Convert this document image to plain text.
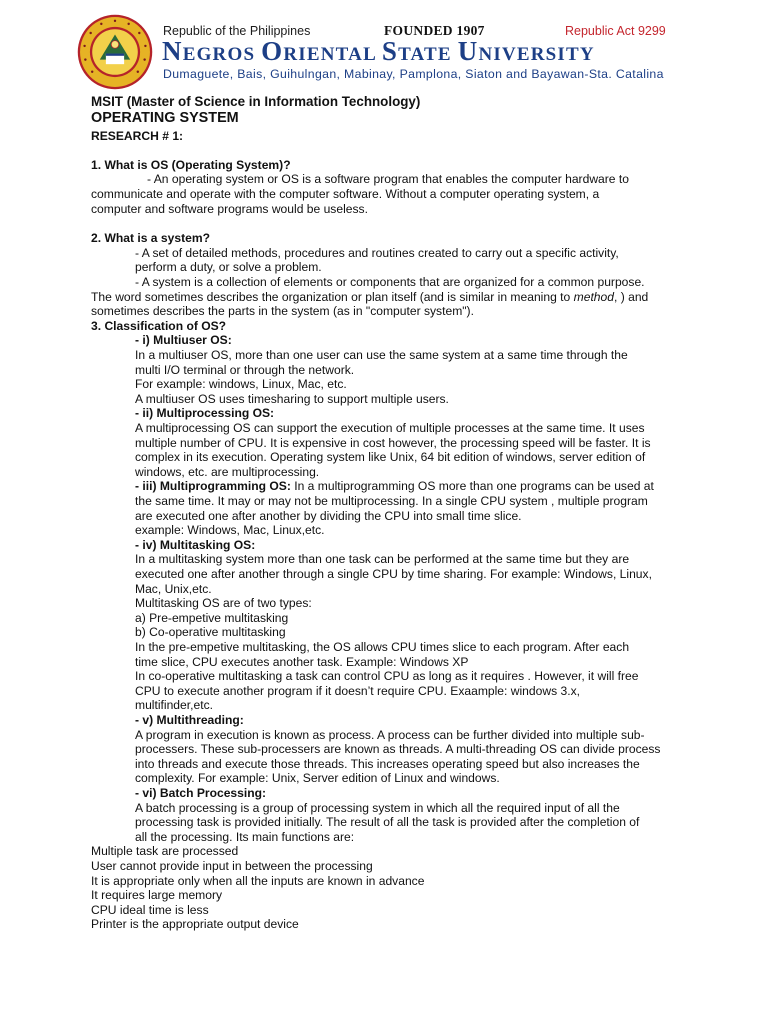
Republic of the Philippines	FOUNDED 1907	Republic Act 9299
NEGROS ORIENTAL STATE UNIVERSITY
Dumaguete, Bais, Guihulngan, Mabinay, Pamplona, Siaton and Bayawan-Sta. Catalina
MSIT (Master of Science in Information Technology)
OPERATING SYSTEM
RESEARCH # 1:
1. What is OS (Operating System)?
- An operating system or OS is a software program that enables the computer hardware to
communicate and operate with the computer software. Without a computer operating system, a
computer and software programs would be useless.
2. What is a system?
- A set of detailed methods, procedures and routines created to carry out a specific activity,
perform a duty, or solve a problem.
- A system is a collection of elements or components that are organized for a common purpose.
The word sometimes describes the organization or plan itself (and is similar in meaning to method, ) and
sometimes describes the parts in the system (as in "computer system").
3. Classification of OS?
- i) Multiuser OS:
In a multiuser OS, more than one user can use the same system at a same time through the
multi I/O terminal or through the network.
For example: windows, Linux, Mac, etc.
A multiuser OS uses timesharing to support multiple users.
- ii) Multiprocessing OS:
A multiprocessing OS can support the execution of multiple processes at the same time. It uses
multiple number of CPU. It is expensive in cost however, the processing speed will be faster. It is
complex in its execution. Operating system like Unix, 64 bit edition of windows, server edition of
windows, etc. are multiprocessing.
- iii) Multiprogramming OS: In a multiprogramming OS more than one programs can be used at
the same time. It may or may not be multiprocessing. In a single CPU system , multiple program
are executed one after another by dividing the CPU into small time slice.
example: Windows, Mac, Linux,etc.
- iv) Multitasking OS:
In a multitasking system more than one task can be performed at the same time but they are
executed one after another through a single CPU by time sharing. For example: Windows, Linux,
Mac, Unix,etc.
Multitasking OS are of two types:
a) Pre-empetive multitasking
b) Co-operative multitasking
In the pre-empetive multitasking, the OS allows CPU times slice to each program. After each
time slice, CPU executes another task. Example: Windows XP
In co-operative multitasking a task can control CPU as long as it requires . However, it will free
CPU to execute another program if it doesn’t require CPU. Exaample: windows 3.x,
multifinder,etc.
- v) Multithreading:
A program in execution is known as process. A process can be further divided into multiple sub-
processers. These sub-processers are known as threads. A multi-threading OS can divide process
into threads and execute those threads. This increases operating speed but also increases the
complexity. For example: Unix, Server edition of Linux and windows.
- vi) Batch Processing:
A batch processing is a group of processing system in which all the required input of all the
processing task is provided initially. The result of all the task is provided after the completion of
all the processing. Its main functions are:
Multiple task are processed
User cannot provide input in between the processing
It is appropriate only when all the inputs are known in advance
It requires large memory
CPU ideal time is less
Printer is the appropriate output device
